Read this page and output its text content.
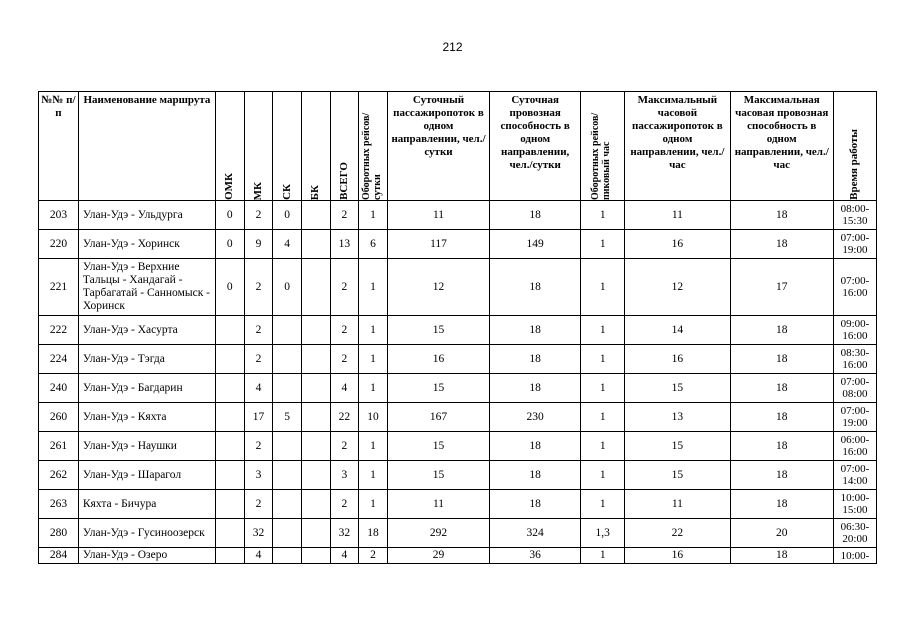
212
№№ п/п	Наименование маршрута	ОМК	МК	СК	БК	ВСЕГО	Оборотных рейсов/сутки	Суточный пассажиропоток в одном направлении, чел./сутки	Суточная провозная способность в одном направлении, чел./сутки	Оборотных рейсов/ пиковый час	Максимальный часовой пассажиропоток в одном направлении, чел./час	Максимальная часовая провозная способность в одном направлении, чел./час	Время работы

203	Улан-Удэ - Ульдурга	0	2	0		2	1	11	18	1	11	18	08:00-15:30
220	Улан-Удэ - Хоринск	0	9	4		13	6	117	149	1	16	18	07:00-19:00
221	Улан-Удэ - Верхние Тальцы - Хандагай - Тарбагатай - Санномыск - Хоринск	0	2	0		2	1	12	18	1	12	17	07:00-16:00
222	Улан-Удэ - Хасурта		2			2	1	15	18	1	14	18	09:00-16:00
224	Улан-Удэ - Тэгда		2			2	1	16	18	1	16	18	08:30-16:00
240	Улан-Удэ - Багдарин		4			4	1	15	18	1	15	18	07:00-08:00
260	Улан-Удэ - Кяхта		17	5		22	10	167	230	1	13	18	07:00-19:00
261	Улан-Удэ - Наушки		2			2	1	15	18	1	15	18	06:00-16:00
262	Улан-Удэ - Шарагол		3			3	1	15	18	1	15	18	07:00-14:00
263	Кяхта - Бичура		2			2	1	11	18	1	11	18	10:00-15:00
280	Улан-Удэ - Гусиноозерск		32			32	18	292	324	1,3	22	20	06:30-20:00
284	Улан-Удэ - Озеро		4			4	2	29	36	1	16	18	10:00-
